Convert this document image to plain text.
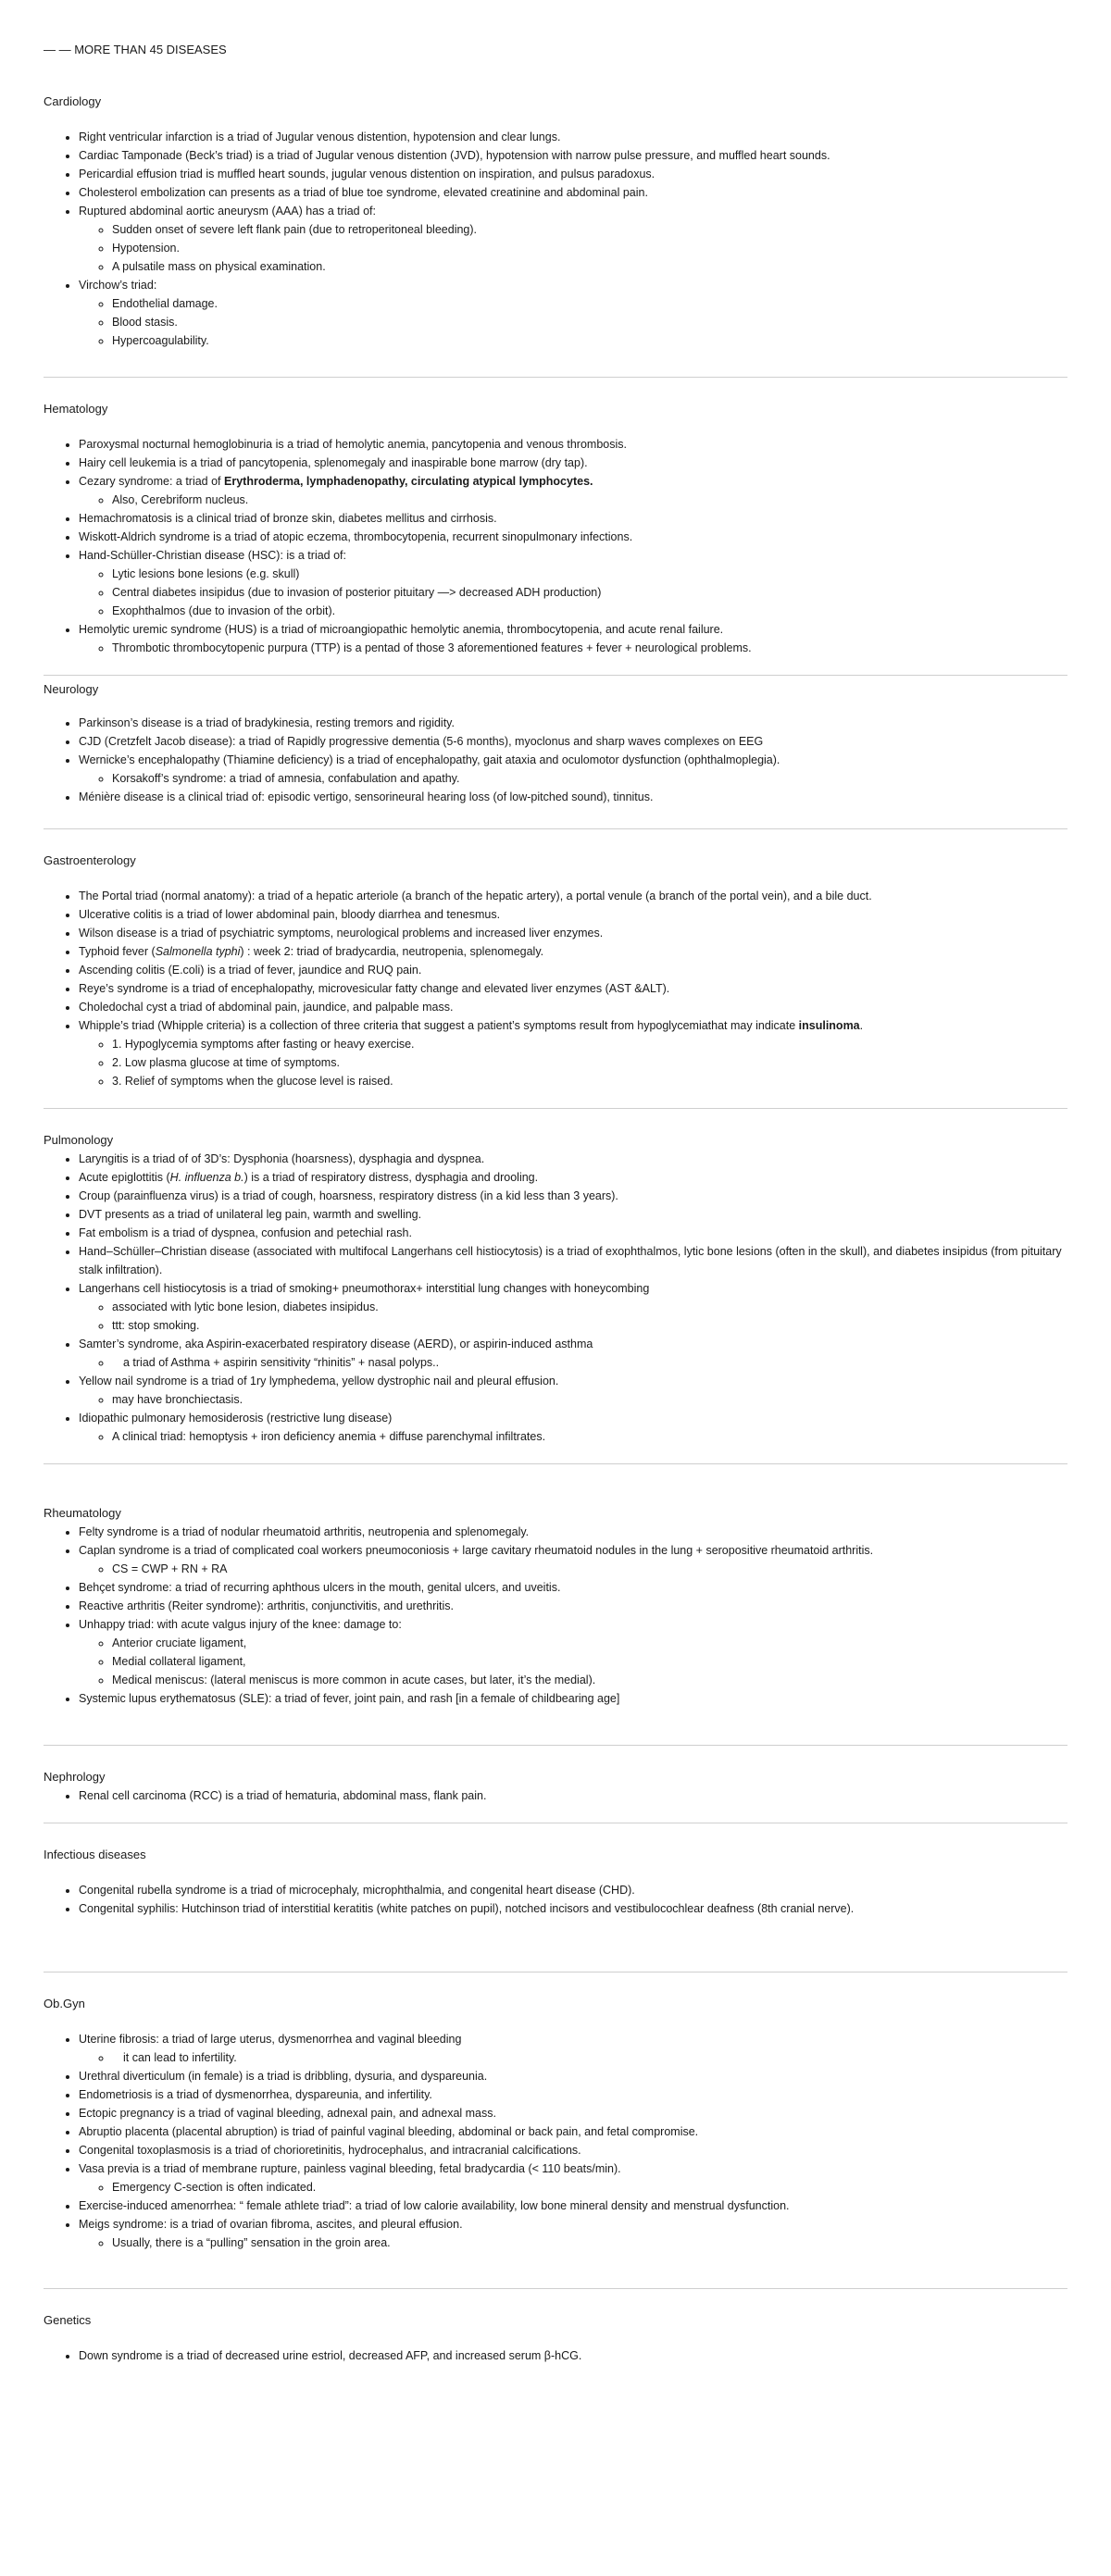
— — MORE THAN 45 DISEASES

Cardiology

• Right ventricular infarction is a triad of Jugular venous distention, hypotension and clear lungs.
• Cardiac Tamponade (Beck’s triad) is a triad of Jugular venous distention (JVD), hypotension with narrow pulse pressure, and muffled heart sounds.
• Pericardial effusion triad is muffled heart sounds, jugular venous distention on inspiration, and pulsus paradoxus.
• Cholesterol embolization can presents as a triad of blue toe syndrome, elevated creatinine and abdominal pain.
• Ruptured abdominal aortic aneurysm (AAA) has a triad of:
◦ Sudden onset of severe left flank pain (due to retroperitoneal bleeding).
◦ Hypotension.
◦ A pulsatile mass on physical examination.
• Virchow’s triad:
◦ Endothelial damage.
◦ Blood stasis.
◦ Hypercoagulability.

Hematology

• Paroxysmal nocturnal hemoglobinuria is a triad of hemolytic anemia, pancytopenia and venous thrombosis.
• Hairy cell leukemia is a triad of pancytopenia, splenomegaly and inaspirable bone marrow (dry tap).
• Cezary syndrome: a triad of Erythroderma, lymphadenopathy, circulating atypical lymphocytes.
◦ Also, Cerebriform nucleus.
• Hemachromatosis is a clinical triad of bronze skin, diabetes mellitus and cirrhosis.
• Wiskott-Aldrich syndrome is a triad of atopic eczema, thrombocytopenia, recurrent sinopulmonary infections.
• Hand-Schüller-Christian disease (HSC): is a triad of:
◦ Lytic lesions bone lesions (e.g. skull)
◦ Central diabetes insipidus (due to invasion of posterior pituitary —> decreased ADH production)
◦ Exophthalmos (due to invasion of the orbit).
• Hemolytic uremic syndrome (HUS) is a triad of microangiopathic hemolytic anemia, thrombocytopenia, and acute renal failure.
◦ Thrombotic thrombocytopenic purpura (TTP) is a pentad of those 3 aforementioned features + fever + neurological problems.

Neurology

• Parkinson’s disease is a triad of bradykinesia, resting tremors and rigidity.
• CJD (Cretzfelt Jacob disease): a triad of Rapidly progressive dementia (5-6 months), myoclonus and sharp waves complexes on EEG
• Wernicke’s encephalopathy (Thiamine deficiency) is a triad of encephalopathy, gait ataxia and oculomotor dysfunction (ophthalmoplegia).
◦ Korsakoff’s syndrome: a triad of amnesia, confabulation and apathy.
• Ménière disease is a clinical triad of: episodic vertigo, sensorineural hearing loss (of low-pitched sound), tinnitus.

Gastroenterology

• The Portal triad (normal anatomy): a triad of a hepatic arteriole (a branch of the hepatic artery), a portal venule (a branch of the portal vein), and a bile duct.
• Ulcerative colitis is a triad of lower abdominal pain, bloody diarrhea and tenesmus.
• Wilson disease is a triad of psychiatric symptoms, neurological problems and increased liver enzymes.
• Typhoid fever (Salmonella typhi) : week 2: triad of bradycardia, neutropenia, splenomegaly.
• Ascending colitis (E.coli) is a triad of fever, jaundice and RUQ pain.
• Reye’s syndrome is a triad of encephalopathy, microvesicular fatty change and elevated liver enzymes (AST &ALT).
• Choledochal cyst a triad of abdominal pain, jaundice, and palpable mass.
• Whipple’s triad (Whipple criteria) is a collection of three criteria that suggest a patient’s symptoms result from hypoglycemiathat may indicate insulinoma.
◦ 1. Hypoglycemia symptoms after fasting or heavy exercise.
◦ 2. Low plasma glucose at time of symptoms.
◦ 3. Relief of symptoms when the glucose level is raised.

Pulmonology

• Laryngitis is a triad of of 3D’s: Dysphonia (hoarsness), dysphagia and dyspnea.
• Acute epiglottitis (H. influenza b.) is a triad of respiratory distress, dysphagia and drooling.
• Croup (parainfluenza virus) is a triad of cough, hoarsness, respiratory distress (in a kid less than 3 years).
• DVT presents as a triad of unilateral leg pain, warmth and swelling.
• Fat embolism is a triad of dyspnea, confusion and petechial rash.
• Hand–Schüller–Christian disease (associated with multifocal Langerhans cell histiocytosis) is a triad of exophthalmos, lytic bone lesions (often in the skull), and diabetes insipidus (from pituitary stalk infiltration).
• Langerhans cell histiocytosis is a triad of smoking+ pneumothorax+ interstitial lung changes with honeycombing
◦ associated with lytic bone lesion, diabetes insipidus.
◦ ttt: stop smoking.
• Samter’s syndrome, aka Aspirin-exacerbated respiratory disease (AERD), or aspirin-induced asthma
◦ a triad of Asthma + aspirin sensitivity “rhinitis” + nasal polyps..
• Yellow nail syndrome is a triad of 1ry lymphedema, yellow dystrophic nail and pleural effusion.
◦ may have bronchiectasis.
• Idiopathic pulmonary hemosiderosis (restrictive lung disease)
◦ A clinical triad: hemoptysis + iron deficiency anemia + diffuse parenchymal infiltrates.

Rheumatology

• Felty syndrome is a triad of nodular rheumatoid arthritis, neutropenia and splenomegaly.
• Caplan syndrome is a triad of complicated coal workers pneumoconiosis + large cavitary rheumatoid nodules in the lung + seropositive rheumatoid arthritis.
◦ CS = CWP + RN + RA
• Behçet syndrome: a triad of recurring aphthous ulcers in the mouth, genital ulcers, and uveitis.
• Reactive arthritis (Reiter syndrome): arthritis, conjunctivitis, and urethritis.
• Unhappy triad: with acute valgus injury of the knee: damage to:
◦ Anterior cruciate ligament,
◦ Medial collateral ligament,
◦ Medical meniscus: (lateral meniscus is more common in acute cases, but later, it’s the medial).
• Systemic lupus erythematosus (SLE): a triad of fever, joint pain, and rash [in a female of childbearing age]

Nephrology

• Renal cell carcinoma (RCC) is a triad of hematuria, abdominal mass, flank pain.

Infectious diseases

• Congenital rubella syndrome is a triad of microcephaly, microphthalmia, and congenital heart disease (CHD).
• Congenital syphilis: Hutchinson triad of interstitial keratitis (white patches on pupil), notched incisors and vestibulocochlear deafness (8th cranial nerve).

Ob.Gyn

• Uterine fibrosis: a triad of large uterus, dysmenorrhea and vaginal bleeding
◦ it can lead to infertility.
• Urethral diverticulum (in female) is a triad is dribbling, dysuria, and dyspareunia.
• Endometriosis is a triad of dysmenorrhea, dyspareunia, and infertility.
• Ectopic pregnancy is a triad of vaginal bleeding, adnexal pain, and adnexal mass.
• Abruptio placenta (placental abruption) is triad of painful vaginal bleeding, abdominal or back pain, and fetal compromise.
• Congenital toxoplasmosis is a triad of chorioretinitis, hydrocephalus, and intracranial calcifications.
• Vasa previa is a triad of membrane rupture, painless vaginal bleeding, fetal bradycardia (< 110 beats/min).
◦ Emergency C-section is often indicated.
• Exercise-induced amenorrhea: “ female athlete triad”: a triad of low calorie availability, low bone mineral density and menstrual dysfunction.
• Meigs syndrome: is a triad of ovarian fibroma, ascites, and pleural effusion.
◦ Usually, there is a “pulling” sensation in the groin area.

Genetics

• Down syndrome is a triad of decreased urine estriol, decreased AFP, and increased serum β-hCG.
